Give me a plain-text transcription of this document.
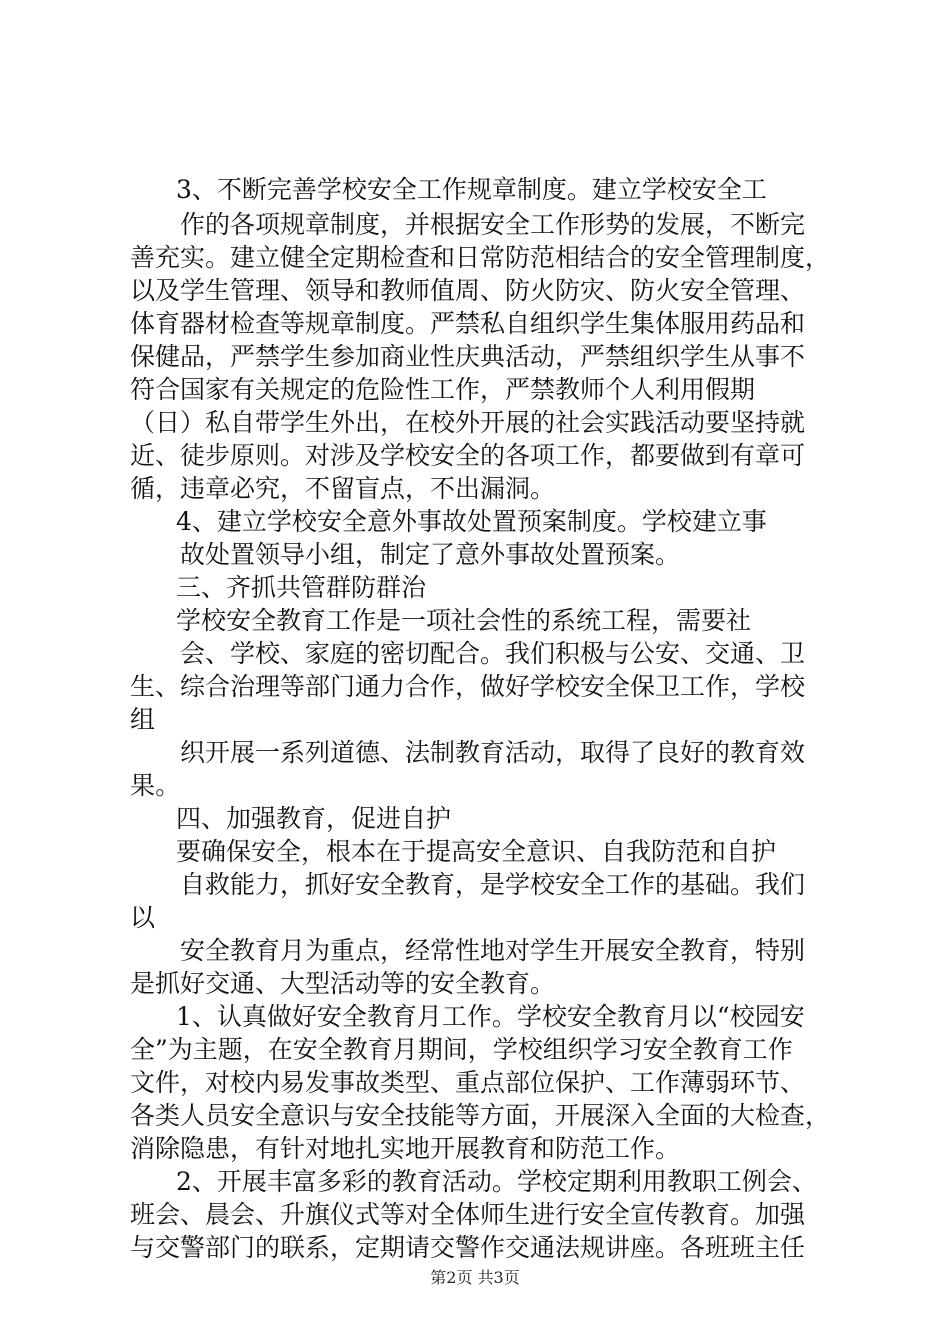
3、不断完善学校安全工作规章制度。建立学校安全工
作的各项规章制度，并根据安全工作形势的发展，不断完
善充实。建立健全定期检查和日常防范相结合的安全管理制度，
以及学生管理、领导和教师值周、防火防灾、防火安全管理、
体育器材检查等规章制度。严禁私自组织学生集体服用药品和
保健品，严禁学生参加商业性庆典活动，严禁组织学生从事不
符合国家有关规定的危险性工作，严禁教师个人利用假期
（日）私自带学生外出，在校外开展的社会实践活动要坚持就
近、徒步原则。对涉及学校安全的各项工作，都要做到有章可
循，违章必究，不留盲点，不出漏洞。
4、建立学校安全意外事故处置预案制度。学校建立事
故处置领导小组，制定了意外事故处置预案。
三、齐抓共管群防群治
学校安全教育工作是一项社会性的系统工程，需要社
会、学校、家庭的密切配合。我们积极与公安、交通、卫
生、综合治理等部门通力合作，做好学校安全保卫工作，学校
组
织开展一系列道德、法制教育活动，取得了良好的教育效
果。
四、加强教育，促进自护
要确保安全，根本在于提高安全意识、自我防范和自护
自救能力，抓好安全教育，是学校安全工作的基础。我们
以
安全教育月为重点，经常性地对学生开展安全教育，特别
是抓好交通、大型活动等的安全教育。
1、认真做好安全教育月工作。学校安全教育月以“校园安
全”为主题，在安全教育月期间，学校组织学习安全教育工作
文件，对校内易发事故类型、重点部位保护、工作薄弱环节、
各类人员安全意识与安全技能等方面，开展深入全面的大检查，
消除隐患，有针对地扎实地开展教育和防范工作。
2、开展丰富多彩的教育活动。学校定期利用教职工例会、
班会、晨会、升旗仪式等对全体师生进行安全宣传教育。加强
与交警部门的联系，定期请交警作交通法规讲座。各班班主任
第2页 共3页
